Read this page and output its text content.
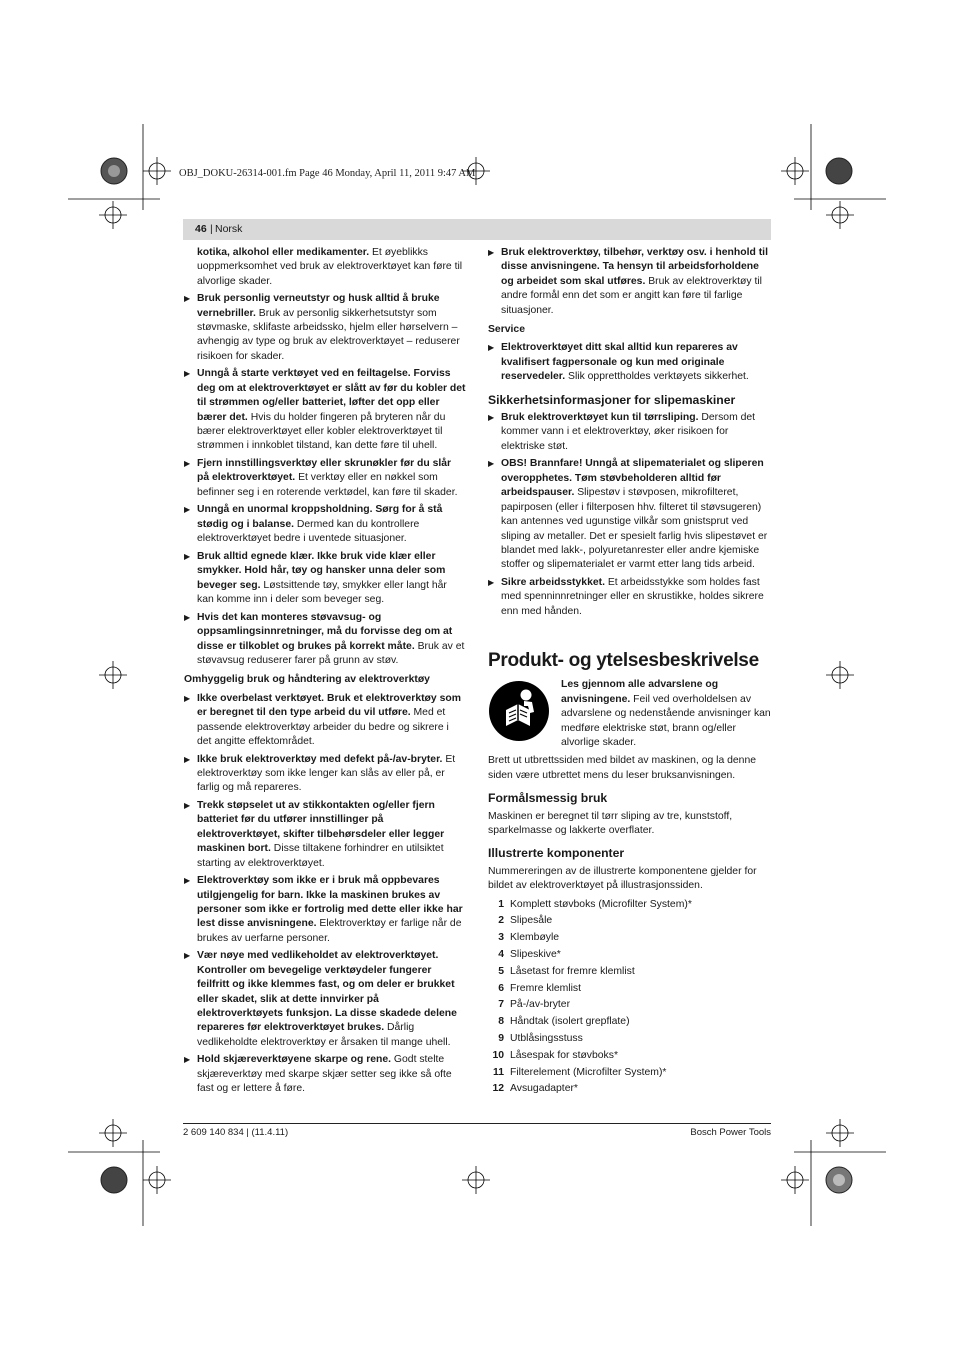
OBJ_DOKU-26314-001.fm Page 46 Monday, April 11, 2011 9:47 AM
46 | Norsk

kotika, alkohol eller medikamenter. Et øyeblikks uoppmerksomhet ved bruk av elektroverktøyet kan føre til alvorlige skader.

▶ Bruk personlig verneutstyr og husk alltid å bruke vernebriller. Bruk av personlig sikkerhetsutstyr som støvmaske, sklifaste arbeidssko, hjelm eller hørselvern – avhengig av type og bruk av elektroverktøyet – reduserer risikoen for skader.

▶ Unngå å starte verktøyet ved en feiltagelse. Forviss deg om at elektroverktøyet er slått av før du kobler det til strømmen og/eller batteriet, løfter det opp eller bærer det. Hvis du holder fingeren på bryteren når du bærer elektroverktøyet eller kobler elektroverktøyet til strømmen i innkoblet tilstand, kan dette føre til uhell.

▶ Fjern innstillingsverktøy eller skrunøkler før du slår på elektroverktøyet. Et verktøy eller en nøkkel som befinner seg i en roterende verktødel, kan føre til skader.

▶ Unngå en unormal kroppsholdning. Sørg for å stå stødig og i balanse. Dermed kan du kontrollere elektroverktøyet bedre i uventede situasjoner.

▶ Bruk alltid egnede klær. Ikke bruk vide klær eller smykker. Hold hår, tøy og hansker unna deler som beveger seg. Løstsittende tøy, smykker eller langt hår kan komme inn i deler som beveger seg.

▶ Hvis det kan monteres støvavsug- og oppsamlingsinnretninger, må du forvisse deg om at disse er tilkoblet og brukes på korrekt måte. Bruk av et støvavsug reduserer farer på grunn av støv.

Omhyggelig bruk og håndtering av elektroverktøy

▶ Ikke overbelast verktøyet. Bruk et elektroverktøy som er beregnet til den type arbeid du vil utføre. Med et passende elektroverktøy arbeider du bedre og sikrere i det angitte effektområdet.

▶ Ikke bruk elektroverktøy med defekt på-/av-bryter. Et elektroverktøy som ikke lenger kan slås av eller på, er farlig og må repareres.

▶ Trekk støpselet ut av stikkontakten og/eller fjern batteriet før du utfører innstillinger på elektroverktøyet, skifter tilbehørsdeler eller legger maskinen bort. Disse tiltakene forhindrer en utilsiktet starting av elektroverktøyet.

▶ Elektroverktøy som ikke er i bruk må oppbevares utilgjengelig for barn. Ikke la maskinen brukes av personer som ikke er fortrolig med dette eller ikke har lest disse anvisningene. Elektroverktøy er farlige når de brukes av uerfarne personer.

▶ Vær nøye med vedlikeholdet av elektroverktøyet. Kontroller om bevegelige verktøydeler fungerer feilfritt og ikke klemmes fast, og om deler er brukket eller skadet, slik at dette innvirker på elektroverktøyets funksjon. La disse skadede delene repareres før elektroverktøyet brukes. Dårlig vedlikeholdte elektroverktøy er årsaken til mange uhell.

▶ Hold skjæreverktøyene skarpe og rene. Godt stelte skjæreverktøy med skarpe skjær setter seg ikke så ofte fast og er lettere å føre.

▶ Bruk elektroverktøy, tilbehør, verktøy osv. i henhold til disse anvisningene. Ta hensyn til arbeidsforholdene og arbeidet som skal utføres. Bruk av elektroverktøy til andre formål enn det som er angitt kan føre til farlige situasjoner.

Service

▶ Elektroverktøyet ditt skal alltid kun repareres av kvalifisert fagpersonale og kun med originale reservedeler. Slik opprettholdes verktøyets sikkerhet.

Sikkerhetsinformasjoner for slipemaskiner

▶ Bruk elektroverktøyet kun til tørrsliping. Dersom det kommer vann i et elektroverktøy, øker risikoen for elektriske støt.

▶ OBS! Brannfare! Unngå at slipematerialet og sliperen overopphetes. Tøm støvbeholderen alltid før arbeidspauser. Slipestøv i støvposen, mikrofilteret, papirposen (eller i filterposen hhv. filteret til støvsugeren) kan antennes ved ugunstige vilkår som gnistsprut ved sliping av metaller. Det er spesielt farlig hvis slipestøvet er blandet med lakk-, polyuretanrester eller andre kjemiske stoffer og slipematerialet er varmt etter lang tids arbeid.

▶ Sikre arbeidsstykket. Et arbeidsstykke som holdes fast med spenninnretninger eller en skrustikke, holdes sikrere enn med hånden.

Produkt- og ytelsesbeskrivelse

Les gjennom alle advarslene og anvisningene. Feil ved overholdelsen av advarslene og nedenstående anvisninger kan medføre elektriske støt, brann og/eller alvorlige skader.

Brett ut utbrettssiden med bildet av maskinen, og la denne siden være utbrettet mens du leser bruksanvisningen.

Formålsmessig bruk

Maskinen er beregnet til tørr sliping av tre, kunststoff, sparkelmasse og lakkerte overflater.

Illustrerte komponenter

Nummereringen av de illustrerte komponentene gjelder for bildet av elektroverktøyet på illustrasjonssiden.

1 Komplett støvboks (Microfilter System)*
2 Slipesåle
3 Klembøyle
4 Slipeskive*
5 Låsetast for fremre klemlist
6 Fremre klemlist
7 På-/av-bryter
8 Håndtak (isolert grepflate)
9 Utblåsingsstuss
10 Låsespak for støvboks*
11 Filterelement (Microfilter System)*
12 Avsugadapter*
2 609 140 834 | (11.4.11)	Bosch Power Tools
